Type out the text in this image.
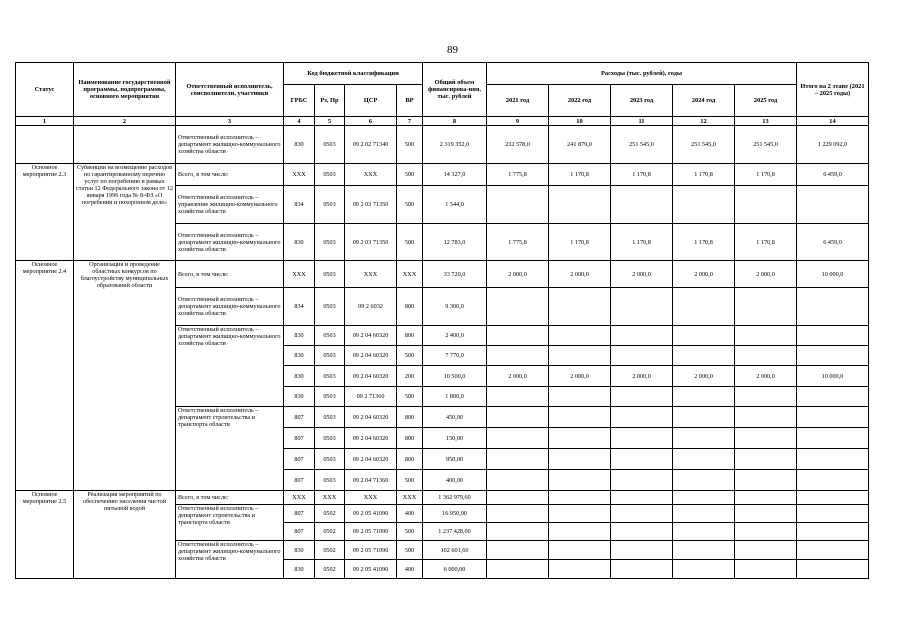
89
Статус	Наименование государственной программы, подпрограммы, основного мероприятия	Ответственный исполнитель, соисполнители, участники	Код бюджетной классификации				Общий объем финансирова-ния, тыс. рублей	Расходы (тыс. рублей), годы					Итого на 2 этапе (2021 – 2025 годы)
			ГРБС	Рз, Пр	ЦСР	ВР		2021 год	2022 год	2023 год	2024 год	2025 год	
1	2	3	4	5	6	7	8	9	10	11	12	13	14
		Ответственный исполнитель – департамент жилищно-коммунального хозяйства области	830	0503	09 2 02 71340	500	2 319 352,0	232 578,0	241 879,0	251 545,0	251 545,0	251 545,0	1 229 092,0
Основное мероприятие 2.3	Субвенции на возмещение расходов по гарантированному перечню услуг по погребению в рамках статьи 12 Федерального закона от 12 января 1996 года № 8-ФЗ «О погребении и похоронном деле»	Всего, в том числе:	XXX	0503	XXX	500	14 327,0	1 775,8	1 170,8	1 170,8	1 170,8	1 170,8	6 459,0
		Ответственный исполнитель – управление жилищно-коммунального хозяйства области	834	0503	09 2 03 71350	500	1 544,0						
		Ответственный исполнитель – департамент жилищно-коммунального хозяйства области	830	0503	09 2 03 71350	500	12 783,0	1 775,8	1 170,8	1 170,8	1 170,8	1 170,8	6 459,0
Основное мероприятие 2.4	Организация и проведение областных конкурсов по благоустройству муниципальных образований области	Всего, в том числе:	XXX	0503	XXX	XXX	33 720,0	2 000,0	2 000,0	2 000,0	2 000,0	2 000,0	10 000,0
		Ответственный исполнитель – департамент жилищно-коммунального хозяйства области	834	0503	09 2 6032	800	9 300,0						
		Ответственный исполнитель – департамент жилищно-коммунального хозяйства области	830	0503	09 2 04 60320	800	2 400,0						
			830	0503	09 2 04 60320	500	7 770,0						
			830	0503	09 2 04 60320	200	10 500,0	2 000,0	2 000,0	2 000,0	2 000,0	2 000,0	10 000,0
			830	0503	09 2 71360	500	1 800,0						
		Ответственный исполнитель – департамент строительства и транспорта области	807	0503	09 2 04 60320	800	450,00						
			807	0503	09 2 04 60320	800	150,00						
			807	0503	09 2 04 60320	800	950,00						
			807	0503	09 2 04 71360	500	400,00						
Основное мероприятие 2.5	Реализация мероприятий по обеспечению населения чистой питьевой водой	Всего, в том числе:	XXX	XXX	XXX	XXX	1 362 979,60						
		Ответственный исполнитель – департамент строительства и транспорта области	807	0502	09 2 05 41090	400	16 950,00						
			807	0502	09 2 05 71090	500	1 237 428,00						
		Ответственный исполнитель – департамент жилищно-коммунального хозяйства области	830	0502	09 2 05 71090	500	102 601,60						
			830	0502	09 2 05 41090	400	6 000,00						
